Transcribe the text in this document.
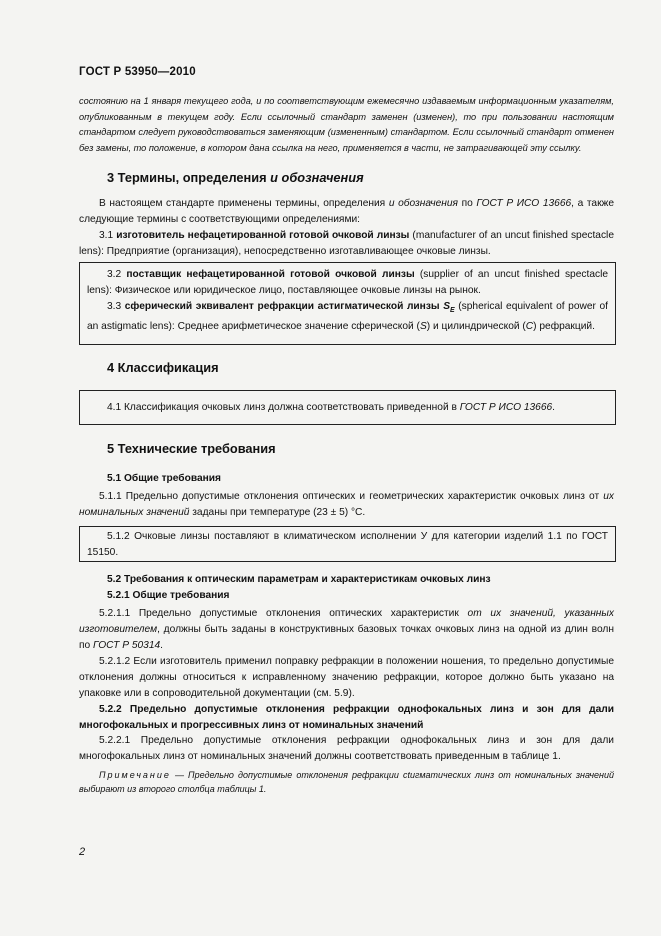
ГОСТ Р 53950—2010

состоянию на 1 января текущего года, и по соответствующим ежемесячно издаваемым информационным указателям, опубликованным в текущем году. Если ссылочный стандарт заменен (изменен), то при пользовании настоящим стандартом следует руководствоваться заменяющим (измененным) стандартом. Если ссылочный стандарт отменен без замены, то положение, в котором дана ссылка на него, применяется в части, не затрагивающей эту ссылку.

3 Термины, определения и обозначения

В настоящем стандарте применены термины, определения и обозначения по ГОСТ Р ИСО 13666, а также следующие термины с соответствующими определениями:

3.1 изготовитель нефацетированной готовой очковой линзы (manufacturer of an uncut finished spectacle lens): Предприятие (организация), непосредственно изготавливающее очковые линзы.

3.2 поставщик нефацетированной готовой очковой линзы (supplier of an uncut finished spectacle lens): Физическое или юридическое лицо, поставляющее очковые линзы на рынок.

3.3 сферический эквивалент рефракции астигматической линзы $S_E$ (spherical equivalent of power of an astigmatic lens): Среднее арифметическое значение сферической (S) и цилиндрической (C) рефракций.

4 Классификация

4.1 Классификация очковых линз должна соответствовать приведенной в ГОСТ Р ИСО 13666.

5 Технические требования
5.1 Общие требования

5.1.1 Предельно допустимые отклонения оптических и геометрических характеристик очковых линз от их номинальных значений заданы при температуре (23 ± 5) °С.

5.1.2 Очковые линзы поставляют в климатическом исполнении У для категории изделий 1.1 по ГОСТ 15150.

5.2 Требования к оптическим параметрам и характеристикам очковых линз
5.2.1 Общие требования

5.2.1.1 Предельно допустимые отклонения оптических характеристик от их значений, указанных изготовителем, должны быть заданы в конструктивных базовых точках очковых линз на одной из длин волн по ГОСТ Р 50314.

5.2.1.2 Если изготовитель применил поправку рефракции в положении ношения, то предельно допустимые отклонения должны относиться к исправленному значению рефракции, которое должно быть указано на упаковке или в сопроводительной документации (см. 5.9).

5.2.2 Предельно допустимые отклонения рефракции однофокальных линз и зон для дали многофокальных и прогрессивных линз от номинальных значений

5.2.2.1 Предельно допустимые отклонения рефракции однофокальных линз и зон для дали многофокальных линз от номинальных значений должны соответствовать приведенным в таблице 1.

Примечание — Предельно допустимые отклонения рефракции сtигматических линз от номинальных значений выбирают из второго столбца таблицы 1.

2
